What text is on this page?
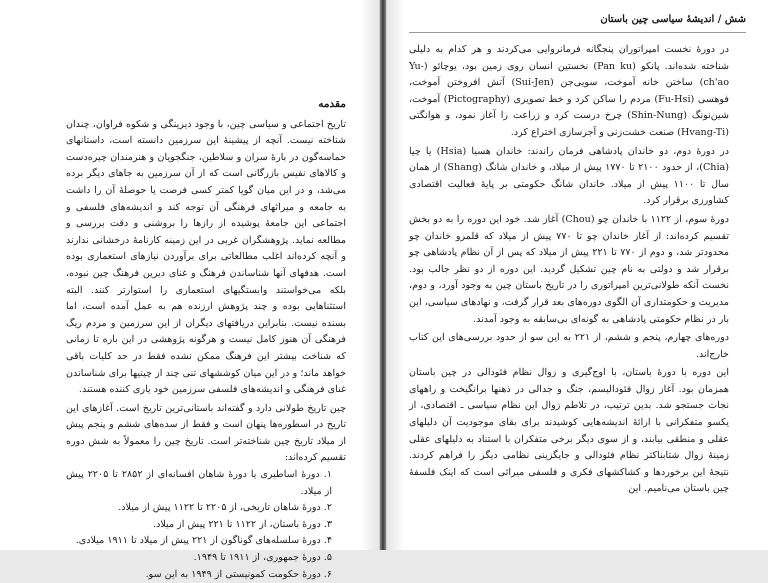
مقدمه

تاریخ اجتماعی و سیاسی چین، با وجود دیرینگی و شکوه فراوان، چندان شناخته نیست. آنچه از پیشینهٔ این سرزمین دانسته است، داستانهای حماسه‌گون در بارهٔ سران و سلاطین، جنگجویان و هنرمندان چیره‌دست و کالاهای نفیس بازرگانی است که از آن سرزمین به جاهای دیگر برده می‌شد، و در این میان گویا کمتر کسی فرصت یا حوصلهٔ آن را داشت به جامعه و میراثهای فرهنگی آن توجه کند و اندیشه‌های فلسفی و اجتماعی این جامعهٔ پوشیده از رازها را بروشنی و دقت بررسی و مطالعه نماید. پژوهشگران غربی در این زمینه کارنامهٔ درخشانی ندارند و آنچه کرده‌اند اغلب مطالعاتی برای برآوردن نیازهای استعماری بوده است. هدفهای آنها شناساندن فرهنگ و غنای دیرین فرهنگ چین نبوده، بلکه می‌خواستند وابستگیهای استعماری را استوارتر کنند. البته استثناهایی بوده و چند پژوهش ارزنده هم به عمل آمده است، اما بسنده نیست. بنابراین دریافتهای دیگران از این سرزمین و مردم ریگ فرهنگی آن هنوز کامل نیست و هرگونه پژوهشی در این باره تا زمانی که شناخت بیشتر این فرهنگ ممکن نشده فقط در حد کلیات باقی خواهد ماند؛ و در این میان کوششهای تنی چند از چینیها برای شناساندن غنای فرهنگی و اندیشه‌های فلسفی سرزمین خود یاری کننده هستند.

چین تاریخ طولانی دارد و گفته‌اند باستانی‌ترین تاریخ است. آغازهای این تاریخ در اسطوره‌ها پنهان است و فقط از سده‌های ششم و پنجم پیش از میلاد تاریخ چین شناخته‌تر است. تاریخ چین را معمولاً به شش دوره تقسیم کرده‌اند:

۱. دورهٔ اساطیری یا دورهٔ شاهان افسانه‌ای از ۲۸۵۲ تا ۲۲۰۵ پیش از میلاد.
۲. دورهٔ شاهان تاریخی، از ۲۲۰۵ تا ۱۱۲۲ پیش از میلاد.
۳. دورهٔ باستان، از ۱۱۲۲ تا ۲۲۱ پیش از میلاد.
۴. دورهٔ سلسله‌های گوناگون از ۲۲۱ پیش از میلاد تا ۱۹۱۱ میلادی.
۵. دورهٔ جمهوری، از ۱۹۱۱ تا ۱۹۴۹.
۶. دورهٔ حکومت کمونیستی از ۱۹۴۹ به این سو.
شش / اندیشهٔ سیاسی چین باستان

در دورهٔ نخست امپراتوران پنجگانه فرمانروایی می‌کردند و هر کدام به دلیلی شناخته شده‌اند. پانکو (Pan ku) نخستین انسان روی زمین بود، یوچائو (Yu-ch'ao) ساختن خانه آموخت، سویی‌جن (Sui-Jen) آتش افروختن آموخت، فوهسی (Fu-Hsi) مردم را ساکن کرد و خط تصویری (Pictography) آموخت، شین‌نونگ (Shin-Nung) چرخ درست کرد و زراعت را آغاز نمود، و هوانگتی (Hvang-Ti) صنعت خشت‌زنی و آجرسازی اختراع کرد.

در دورهٔ دوم، دو خاندان پادشاهی فرمان راندند: خاندان هسیا (Hsia) یا چیا (Chia)، از حدود ۲۱۰۰ تا ۱۷۷۰ پیش از میلاد، و خاندان شانگ (Shang) از همان سال تا ۱۱۰۰ پیش از میلاد. خاندان شانگ حکومتی بر پایهٔ فعالیت اقتصادی کشاورزی برقرار کرد.

دورهٔ سوم، از ۱۱۲۲ با خاندان چو (Chou) آغاز شد. خود این دوره را به دو بخش تقسیم کرده‌اند: از آغاز خاندان چو تا ۷۷۰ پیش از میلاد که قلمرو خاندان چو محدودتر شد، و دوم از ۷۷۰ تا ۲۲۱ پیش از میلاد که پس از آن نظام پادشاهی چو برقرار شد و دولتی به نام چین تشکیل گردید. این دوره از دو نظر جالب بود. نخست آنکه طولانی‌ترین امپراتوری را در تاریخ باستان چین به وجود آورد، و دوم، مدیریت و حکومتداری آن الگوی دوره‌های بعد قرار گرفت، و نهادهای سیاسی، این بار در نظام حکومتی پادشاهی به گونه‌ای بی‌سابقه به وجود آمدند.

دوره‌های چهارم، پنجم و ششم، از ۲۲۱ به این سو از حدود بررسی‌های این کتاب خارج‌اند.

این دوره با دورهٔ باستان، با اوج‌گیری و زوال نظام فئودالی در چین باستان همزمان بود. آغاز زوال فئودالیسم، جنگ و جدالی در ذهنها برانگیخت و راههای نجات جستجو شد. بدین ترتیب، در تلاطم زوال این نظام سیاسی ـ اقتصادی، از یکسو متفکرانی با ارائهٔ اندیشه‌هایی کوشیدند برای بقای موجودیت آن دلیلهای عقلی و منطقی بیابند، و از سوی دیگر برخی متفکران با استناد به دلیلهای عقلی زمینهٔ زوال شتابناکتر نظام فئودالی و جایگزینی نظامی دیگر را فراهم کردند. نتیجهٔ این برخوردها و کشاکشهای فکری و فلسفی میراثی است که اینک فلسفهٔ چین باستان می‌نامیم. این
